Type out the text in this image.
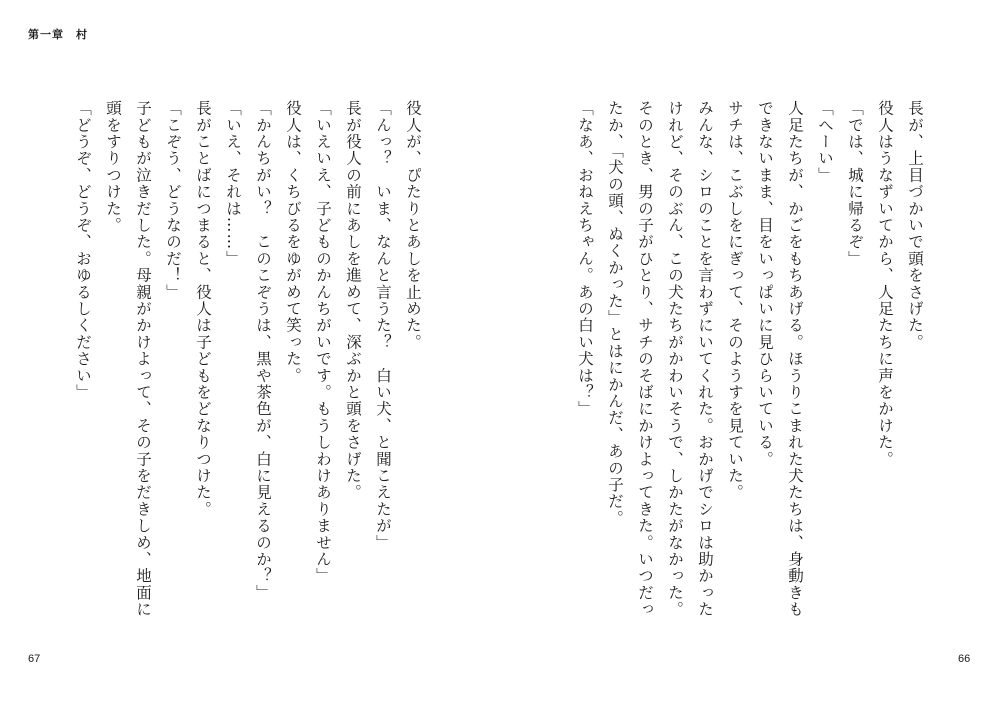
第一章　村

長が、上目づかいで頭をさげた。

役人はうなずいてから、人足たちに声をかけた。

「では、城に帰るぞ」

「へーい」

人足たちが、かごをもちあげる。ほうりこまれた犬たちは、身動きも

できないまま、目をいっぱいに見ひらいている。

サチは、こぶしをにぎって、そのようすを見ていた。

みんな、シロのことを言わずにいてくれた。おかげでシロは助かった

けれど、そのぶん、この犬たちがかわいそうで、しかたがなかった。

そのとき、男の子がひとり、サチのそばにかけよってきた。いつだっ

たか、「犬の頭、ぬくかった」とはにかんだ、あの子だ。

「なあ、おねえちゃん。あの白い犬は？」

役人が、ぴたりとあしを止めた。

「んっ？　いま、なんと言うた？　白い犬、と聞こえたが」

長が役人の前にあしを進めて、深ぶかと頭をさげた。

「いえいえ、子どものかんちがいです。もうしわけありません」

役人は、くちびるをゆがめて笑った。

「かんちがい？　このこぞうは、黒や茶色が、白に見えるのか？」

「いえ、それは……」

長がことばにつまると、役人は子どもをどなりつけた。

「こぞう、どうなのだ！」

子どもが泣きだした。母親がかけよって、その子をだきしめ、地面に

頭をすりつけた。

「どうぞ、どうぞ、おゆるしください」

67	66
